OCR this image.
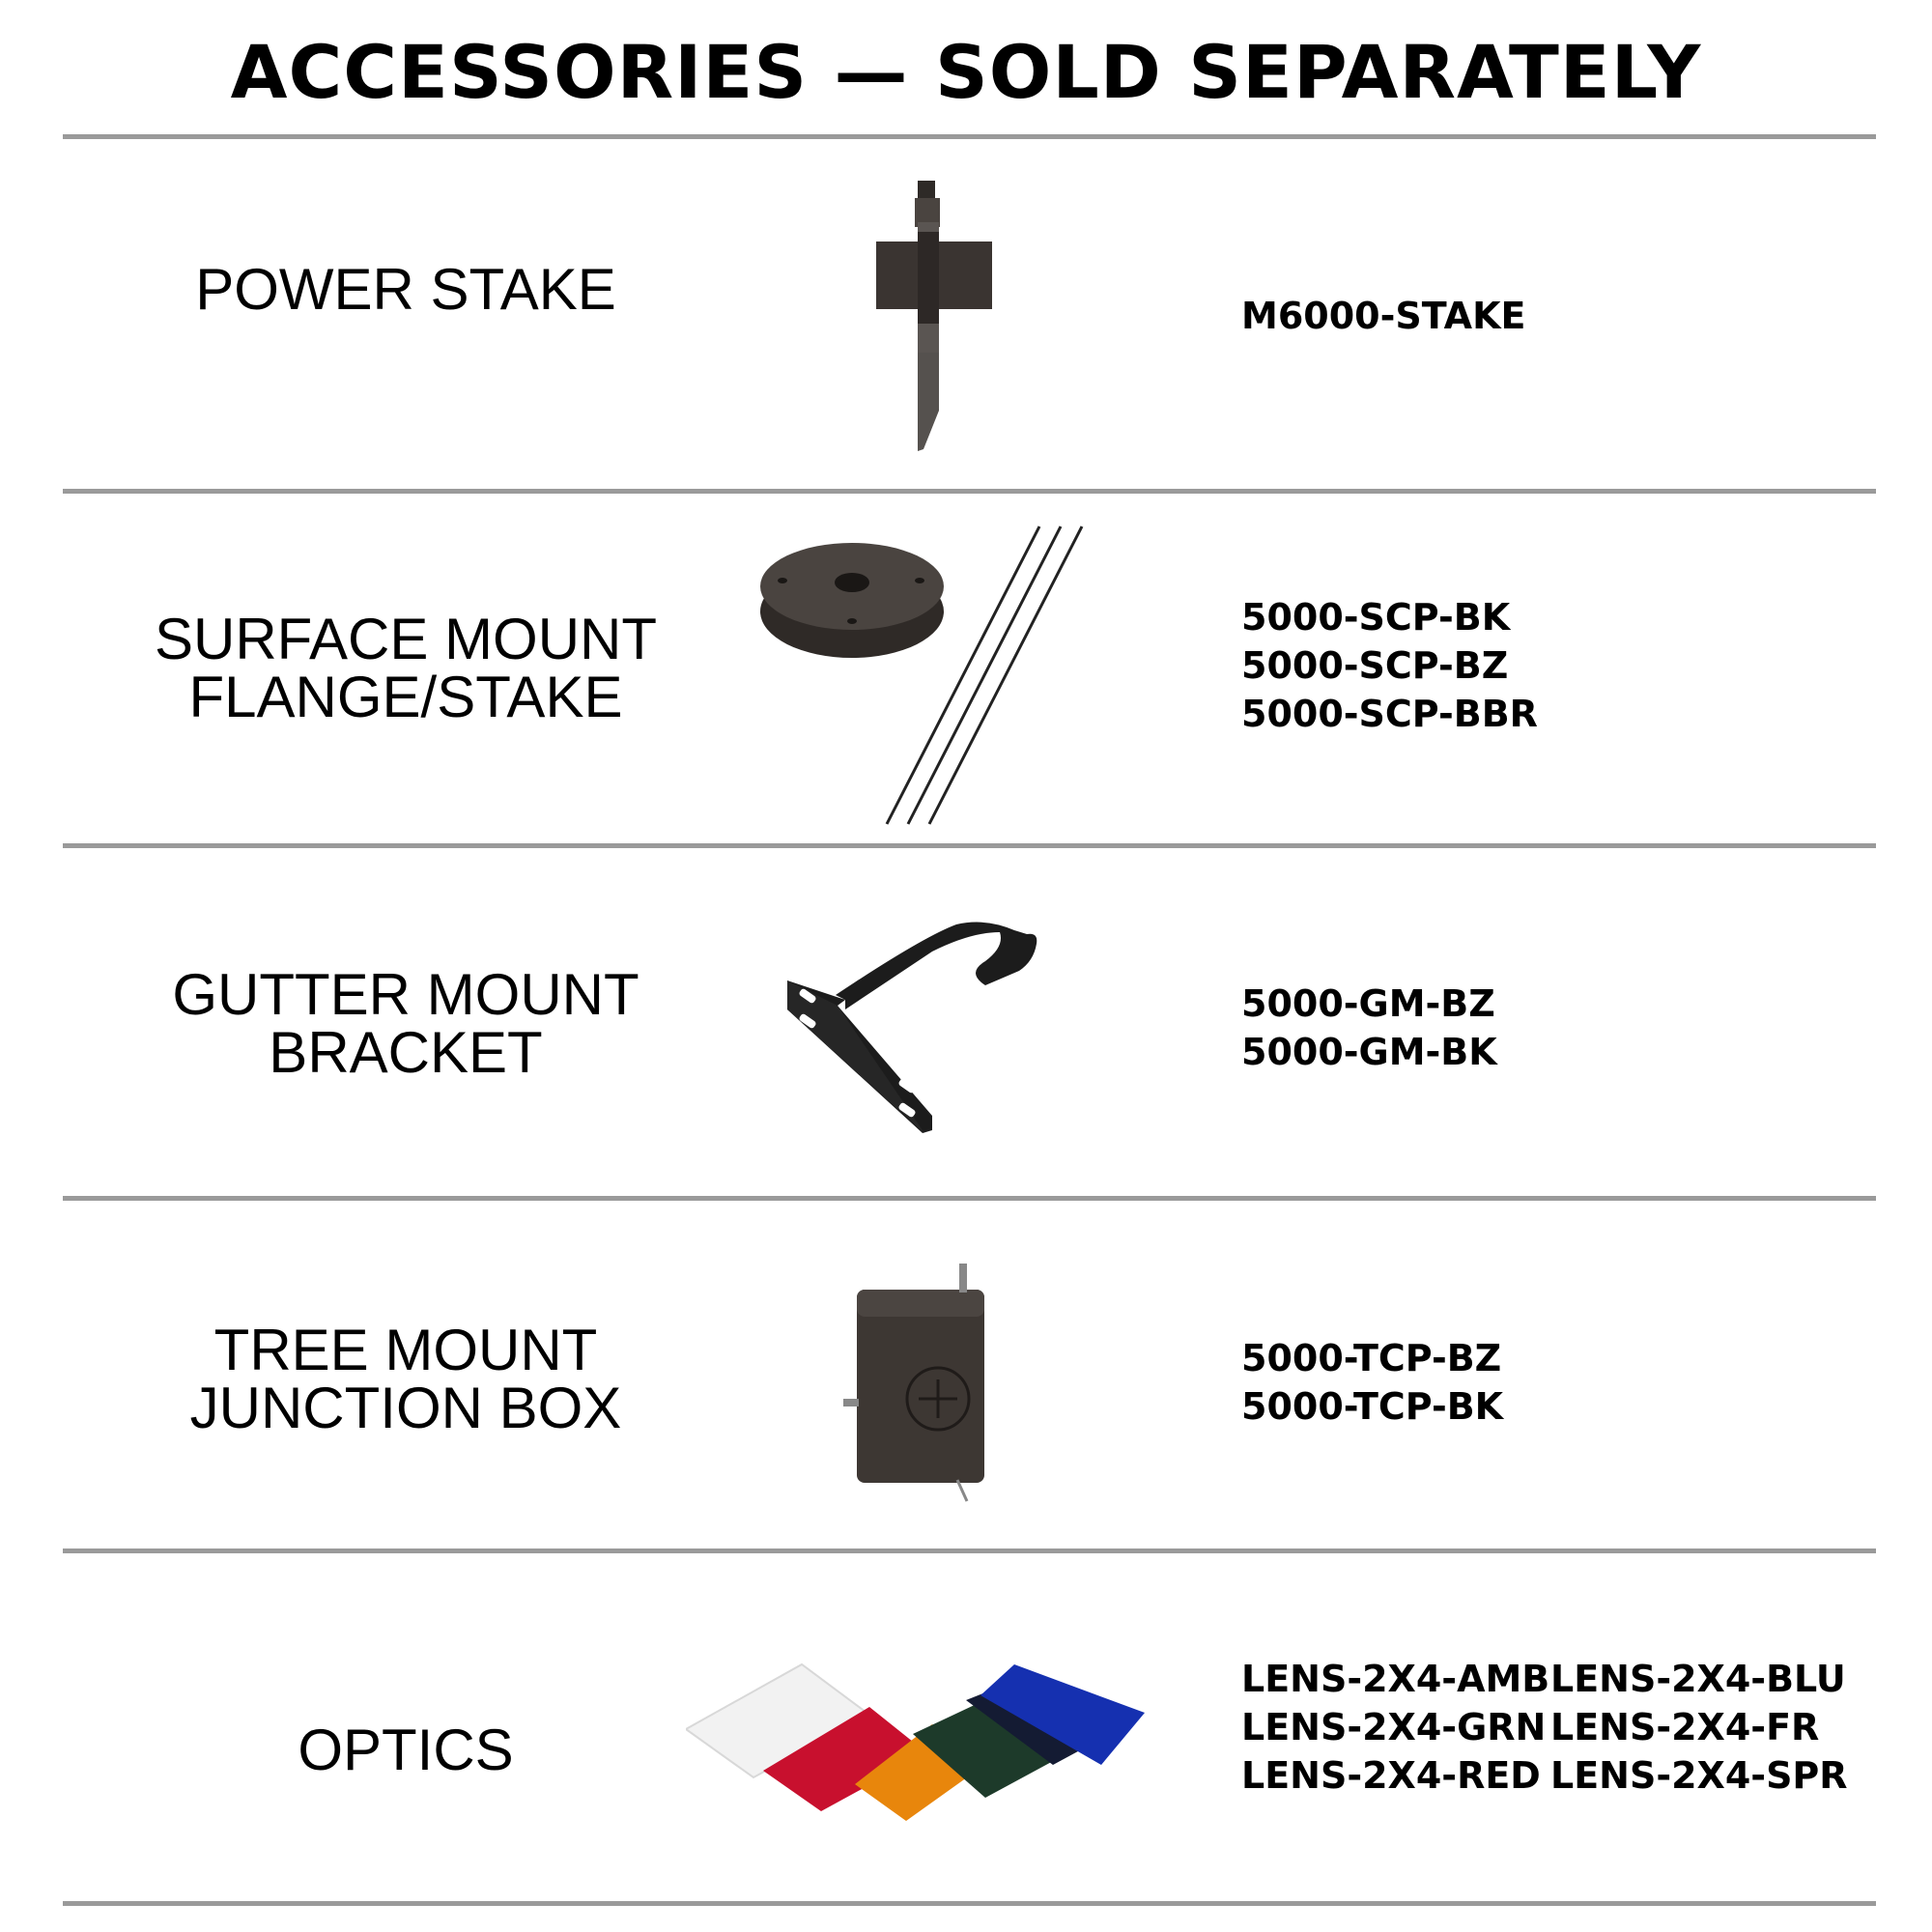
ACCESSORIES — SOLD SEPARATELY
POWER STAKE	M6000-STAKE
SURFACE MOUNT
FLANGE/STAKE
5000-SCP-BK
5000-SCP-BZ
5000-SCP-BBR
GUTTER MOUNT
BRACKET
5000-GM-BZ
5000-GM-BK
TREE MOUNT
JUNCTION BOX
5000-TCP-BZ
5000-TCP-BK
OPTICS
LENS-2X4-AMB LENS-2X4-BLU
LENS-2X4-GRN LENS-2X4-FR
LENS-2X4-RED LENS-2X4-SPR
